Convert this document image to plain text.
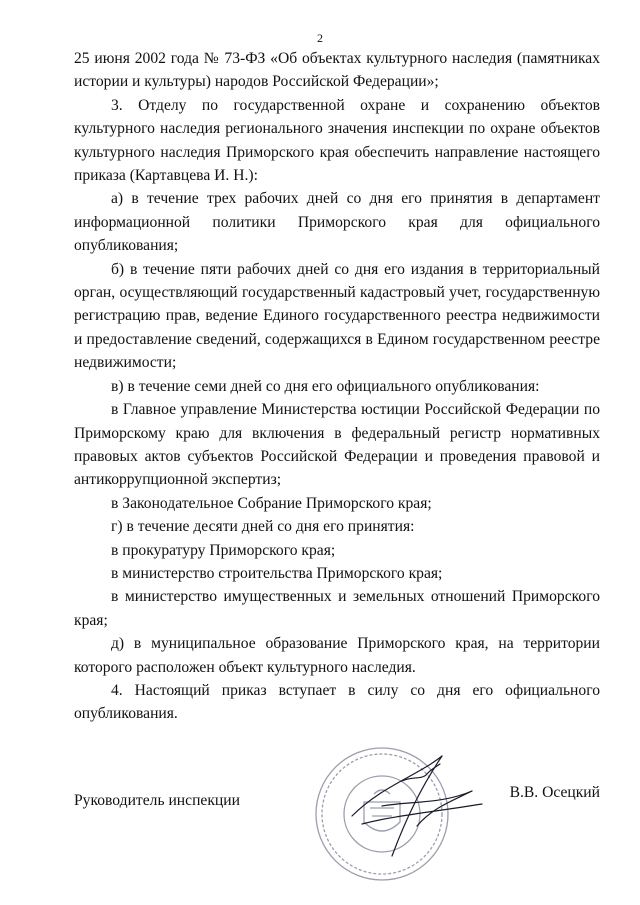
2

25 июня 2002 года № 73-ФЗ «Об объектах культурного наследия (памятниках истории и культуры) народов Российской Федерации»;

3. Отделу по государственной охране и сохранению объектов культурного наследия регионального значения инспекции по охране объектов культурного наследия Приморского края обеспечить направление настоящего приказа (Картавцева И. Н.):

а) в течение трех рабочих дней со дня его принятия в департамент информационной политики Приморского края для официального опубликования;

б) в течение пяти рабочих дней со дня его издания в территориальный орган, осуществляющий государственный кадастровый учет, государственную регистрацию прав, ведение Единого государственного реестра недвижимости и предоставление сведений, содержащихся в Едином государственном реестре недвижимости;

в) в течение семи дней со дня его официального опубликования:

в Главное управление Министерства юстиции Российской Федерации по Приморскому краю для включения в федеральный регистр нормативных правовых актов субъектов Российской Федерации и проведения правовой и антикоррупционной экспертиз;

в Законодательное Собрание Приморского края;

г) в течение десяти дней со дня его принятия:

в прокуратуру Приморского края;

в министерство строительства Приморского края;

в министерство имущественных и земельных отношений Приморского края;

д) в муниципальное образование Приморского края, на территории которого расположен объект культурного наследия.

4. Настоящий приказ вступает в силу со дня его официального опубликования.

Руководитель инспекции	В.В. Осецкий
